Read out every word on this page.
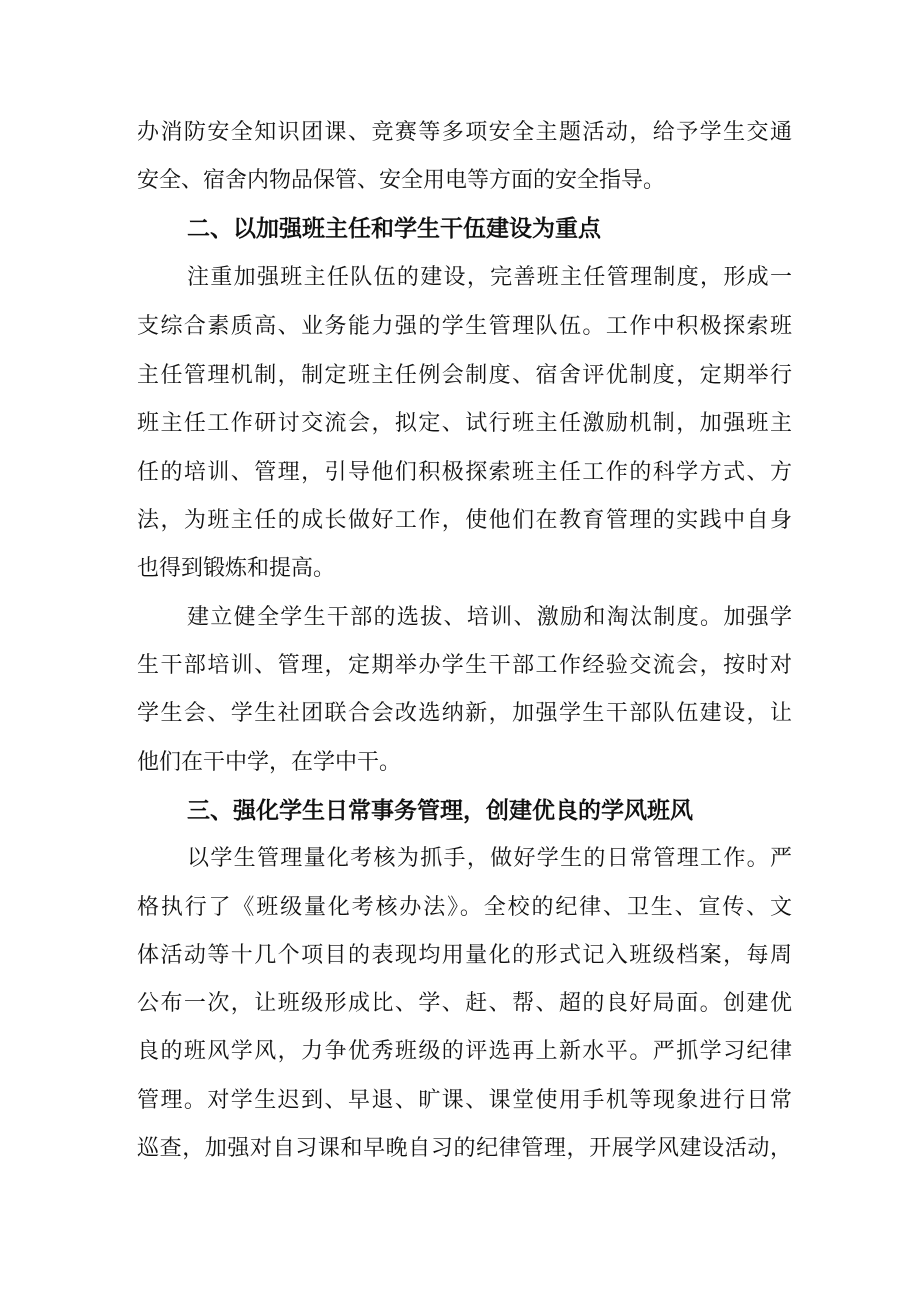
办消防安全知识团课、竞赛等多项安全主题活动，给予学生交通
安全、宿舍内物品保管、安全用电等方面的安全指导。
二、以加强班主任和学生干伍建设为重点
注重加强班主任队伍的建设，完善班主任管理制度，形成一
支综合素质高、业务能力强的学生管理队伍。工作中积极探索班
主任管理机制，制定班主任例会制度、宿舍评优制度，定期举行
班主任工作研讨交流会，拟定、试行班主任激励机制，加强班主
任的培训、管理，引导他们积极探索班主任工作的科学方式、方
法，为班主任的成长做好工作，使他们在教育管理的实践中自身
也得到锻炼和提高。
建立健全学生干部的选拔、培训、激励和淘汰制度。加强学
生干部培训、管理，定期举办学生干部工作经验交流会，按时对
学生会、学生社团联合会改选纳新，加强学生干部队伍建设，让
他们在干中学，在学中干。
三、强化学生日常事务管理，创建优良的学风班风
以学生管理量化考核为抓手，做好学生的日常管理工作。严
格执行了《班级量化考核办法》。全校的纪律、卫生、宣传、文
体活动等十几个项目的表现均用量化的形式记入班级档案，每周
公布一次，让班级形成比、学、赶、帮、超的良好局面。创建优
良的班风学风，力争优秀班级的评选再上新水平。严抓学习纪律
管理。对学生迟到、早退、旷课、课堂使用手机等现象进行日常
巡查，加强对自习课和早晚自习的纪律管理，开展学风建设活动，
